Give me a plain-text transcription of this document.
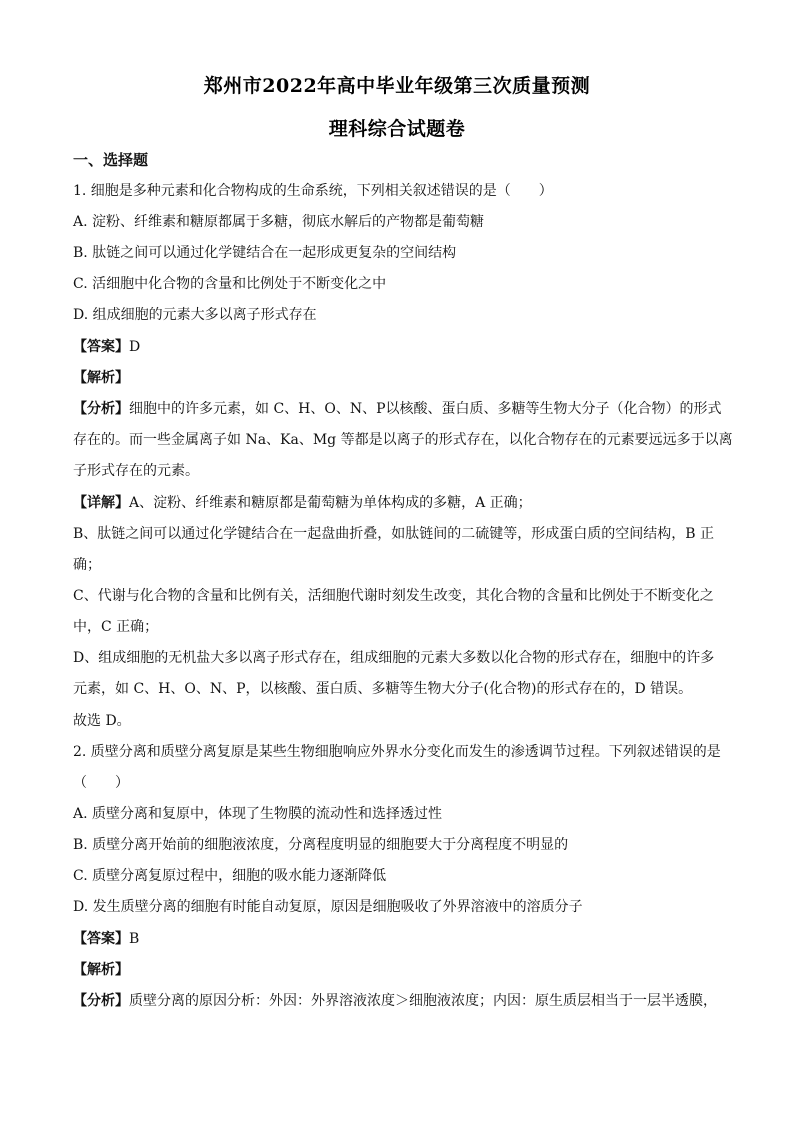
郑州市2022年高中毕业年级第三次质量预测
理科综合试题卷
一、选择题
1. 细胞是多种元素和化合物构成的生命系统，下列相关叙述错误的是（　　）
A. 淀粉、纤维素和糖原都属于多糖，彻底水解后的产物都是葡萄糖
B. 肽链之间可以通过化学键结合在一起形成更复杂的空间结构
C. 活细胞中化合物的含量和比例处于不断变化之中
D. 组成细胞的元素大多以离子形式存在
【答案】D
【解析】
【分析】细胞中的许多元素，如 C、H、O、N、P以核酸、蛋白质、多糖等生物大分子（化合物）的形式
存在的。而一些金属离子如 Na、Ka、Mg 等都是以离子的形式存在，以化合物存在的元素要远远多于以离
子形式存在的元素。
【详解】A、淀粉、纤维素和糖原都是葡萄糖为单体构成的多糖，A 正确；
B、肽链之间可以通过化学键结合在一起盘曲折叠，如肽链间的二硫键等，形成蛋白质的空间结构，B 正
确；
C、代谢与化合物的含量和比例有关，活细胞代谢时刻发生改变，其化合物的含量和比例处于不断变化之
中，C 正确；
D、组成细胞的无机盐大多以离子形式存在，组成细胞的元素大多数以化合物的形式存在，细胞中的许多
元素，如 C、H、O、N、P，以核酸、蛋白质、多糖等生物大分子(化合物)的形式存在的，D 错误。
故选 D。
2. 质壁分离和质壁分离复原是某些生物细胞响应外界水分变化而发生的渗透调节过程。下列叙述错误的是
（　　）
A. 质壁分离和复原中，体现了生物膜的流动性和选择透过性
B. 质壁分离开始前的细胞液浓度，分离程度明显的细胞要大于分离程度不明显的
C. 质壁分离复原过程中，细胞的吸水能力逐渐降低
D. 发生质壁分离的细胞有时能自动复原，原因是细胞吸收了外界溶液中的溶质分子
【答案】B
【解析】
【分析】质壁分离的原因分析：外因：外界溶液浓度＞细胞液浓度；内因：原生质层相当于一层半透膜，
